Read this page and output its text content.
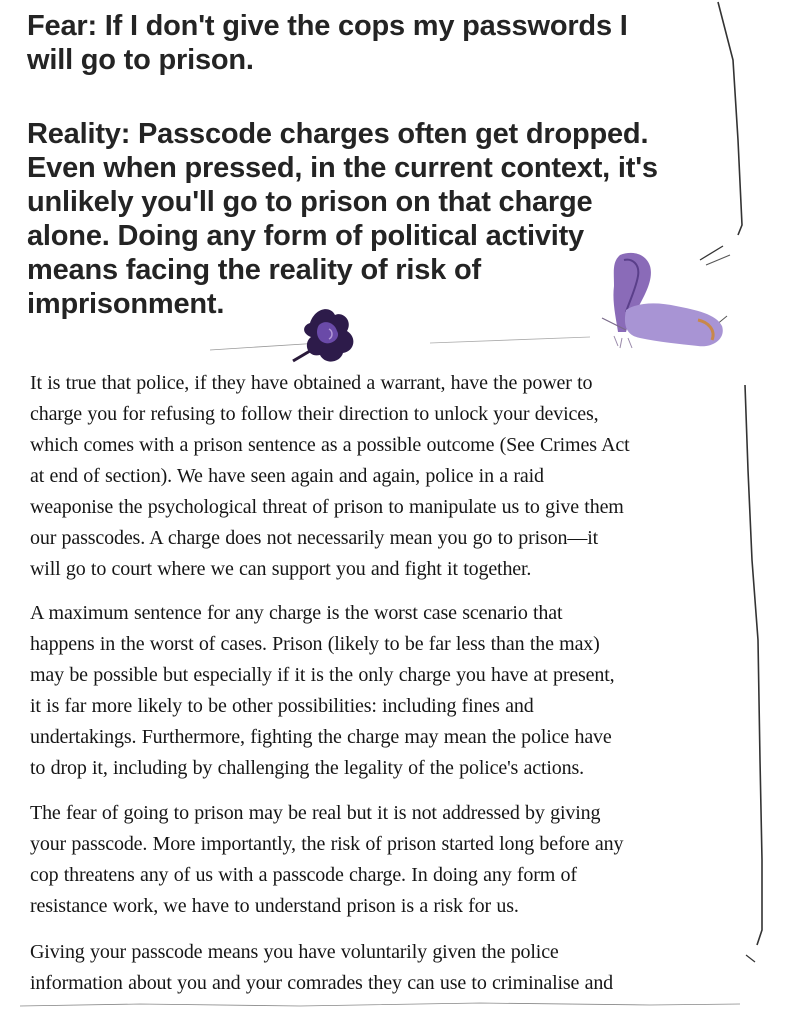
Fear: If I don't give the cops my passwords I
will go to prison.
Reality: Passcode charges often get dropped.
Even when pressed, in the current context, it's
unlikely you'll go to prison on that charge
alone. Doing any form of political activity
means facing the reality of risk of
imprisonment.

It is true that police, if they have obtained a warrant, have the power to
charge you for refusing to follow their direction to unlock your devices,
which comes with a prison sentence as a possible outcome (See Crimes Act
at end of section). We have seen again and again, police in a raid
weaponise the psychological threat of prison to manipulate us to give them
our passcodes. A charge does not necessarily mean you go to prison—it
will go to court where we can support you and fight it together.

A maximum sentence for any charge is the worst case scenario that
happens in the worst of cases. Prison (likely to be far less than the max)
may be possible but especially if it is the only charge you have at present,
it is far more likely to be other possibilities: including fines and
undertakings. Furthermore, fighting the charge may mean the police have
to drop it, including by challenging the legality of the police's actions.

The fear of going to prison may be real but it is not addressed by giving
your passcode. More importantly, the risk of prison started long before any
cop threatens any of us with a passcode charge. In doing any form of
resistance work, we have to understand prison is a risk for us.

Giving your passcode means you have voluntarily given the police
information about you and your comrades they can use to criminalise and
